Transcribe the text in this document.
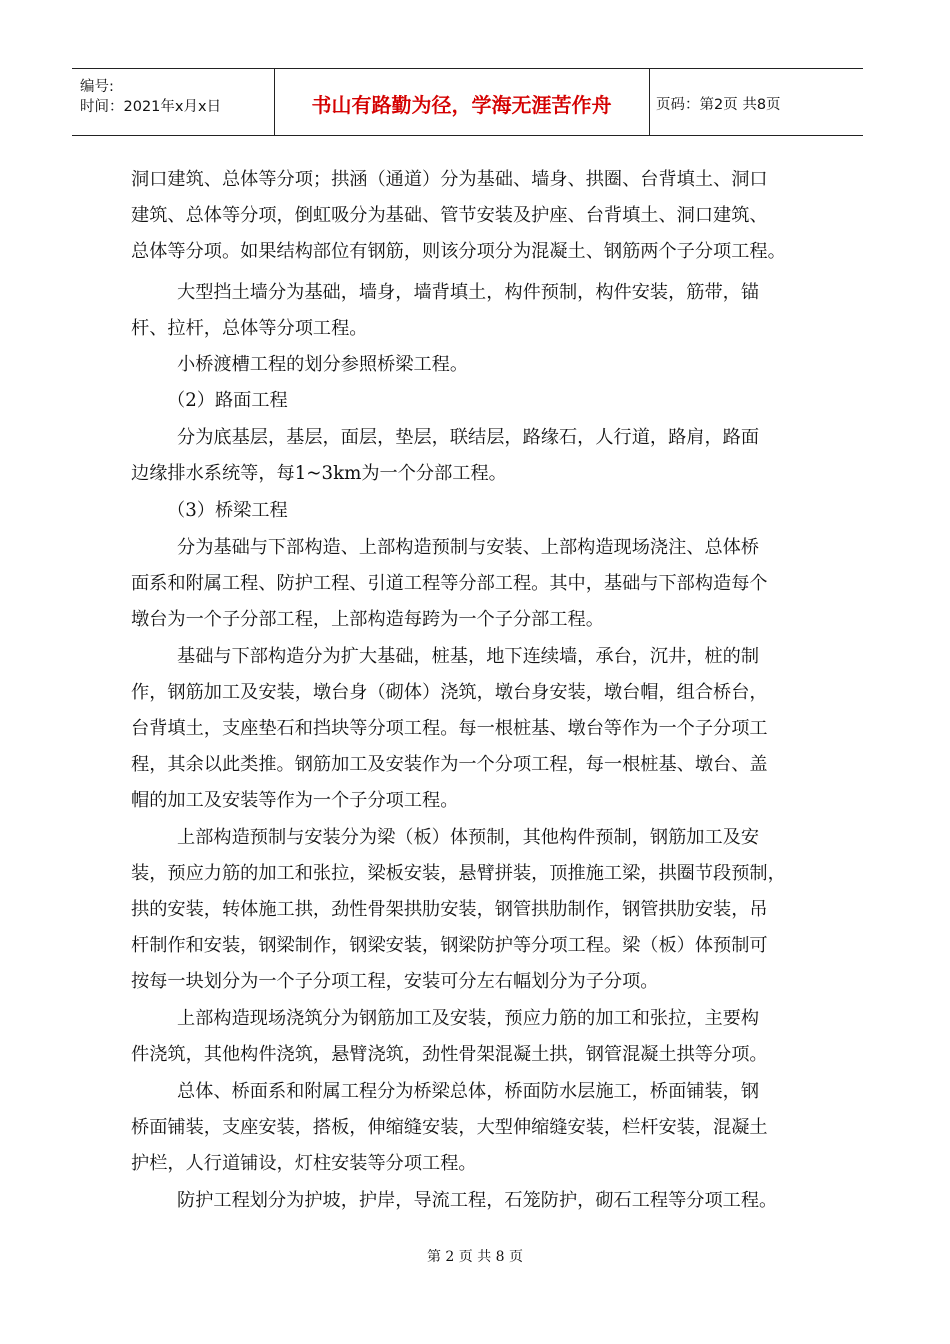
编号:
时间：2021年x月x日	书山有路勤为径，学海无涯苦作舟	页码：第2页 共8页
洞口建筑、总体等分项；拱涵（通道）分为基础、墙身、拱圈、台背填土、洞口
建筑、总体等分项，倒虹吸分为基础、管节安装及护座、台背填土、洞口建筑、
总体等分项。如果结构部位有钢筋，则该分项分为混凝土、钢筋两个子分项工程。
大型挡土墙分为基础，墙身，墙背填土，构件预制，构件安装，筋带，锚
杆、拉杆，总体等分项工程。
小桥渡槽工程的划分参照桥梁工程。
（2）路面工程
分为底基层，基层，面层，垫层，联结层，路缘石，人行道，路肩，路面
边缘排水系统等，每1~3km为一个分部工程。
（3）桥梁工程
分为基础与下部构造、上部构造预制与安装、上部构造现场浇注、总体桥
面系和附属工程、防护工程、引道工程等分部工程。其中，基础与下部构造每个
墩台为一个子分部工程，上部构造每跨为一个子分部工程。
基础与下部构造分为扩大基础，桩基，地下连续墙，承台，沉井，桩的制
作，钢筋加工及安装，墩台身（砌体）浇筑，墩台身安装，墩台帽，组合桥台，
台背填土，支座垫石和挡块等分项工程。每一根桩基、墩台等作为一个子分项工
程，其余以此类推。钢筋加工及安装作为一个分项工程，每一根桩基、墩台、盖
帽的加工及安装等作为一个子分项工程。
上部构造预制与安装分为梁（板）体预制，其他构件预制，钢筋加工及安
装，预应力筋的加工和张拉，梁板安装，悬臂拼装，顶推施工梁，拱圈节段预制，
拱的安装，转体施工拱，劲性骨架拱肋安装，钢管拱肋制作，钢管拱肋安装，吊
杆制作和安装，钢梁制作，钢梁安装，钢梁防护等分项工程。梁（板）体预制可
按每一块划分为一个子分项工程，安装可分左右幅划分为子分项。
上部构造现场浇筑分为钢筋加工及安装，预应力筋的加工和张拉，主要构
件浇筑，其他构件浇筑，悬臂浇筑，劲性骨架混凝土拱，钢管混凝土拱等分项。
总体、桥面系和附属工程分为桥梁总体，桥面防水层施工，桥面铺装，钢
桥面铺装，支座安装，搭板，伸缩缝安装，大型伸缩缝安装，栏杆安装，混凝土
护栏，人行道铺设，灯柱安装等分项工程。
防护工程划分为护坡，护岸，导流工程，石笼防护，砌石工程等分项工程。
第 2 页 共 8 页
